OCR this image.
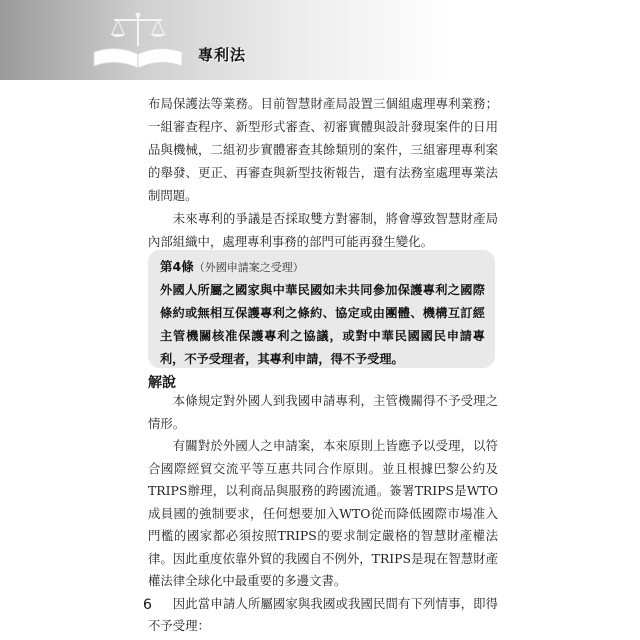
專利法

布局保護法等業務。目前智慧財產局設置三個組處理專利業務；一組審查程序、新型形式審查、初審實體與設計發現案件的日用品與機械，二組初步實體審查其餘類別的案件，三組審理專利案的舉發、更正、再審查與新型技術報告，還有法務室處理專業法制問題。

未來專利的爭議是否採取雙方對審制，將會導致智慧財產局內部組織中，處理專利事務的部門可能再發生變化。

第4條（外國申請案之受理）
外國人所屬之國家與中華民國如未共同參加保護專利之國際條約或無相互保護專利之條約、協定或由團體、機構互訂經主管機關核准保護專利之協議，或對中華民國國民申請專利，不予受理者，其專利申請，得不予受理。
解說

本條規定對外國人到我國申請專利，主管機關得不予受理之情形。

有關對於外國人之申請案，本來原則上皆應予以受理，以符合國際經貿交流平等互惠共同合作原則。並且根據巴黎公約及TRIPS辦理，以利商品與服務的跨國流通。簽署TRIPS是WTO成員國的強制要求，任何想要加入WTO從而降低國際市場准入門檻的國家都必須按照TRIPS的要求制定嚴格的智慧財產權法律。因此重度依靠外貿的我國自不例外，TRIPS是現在智慧財產權法律全球化中最重要的多邊文書。

因此當申請人所屬國家與我國或我國民間有下列情事，即得不予受理：

6
